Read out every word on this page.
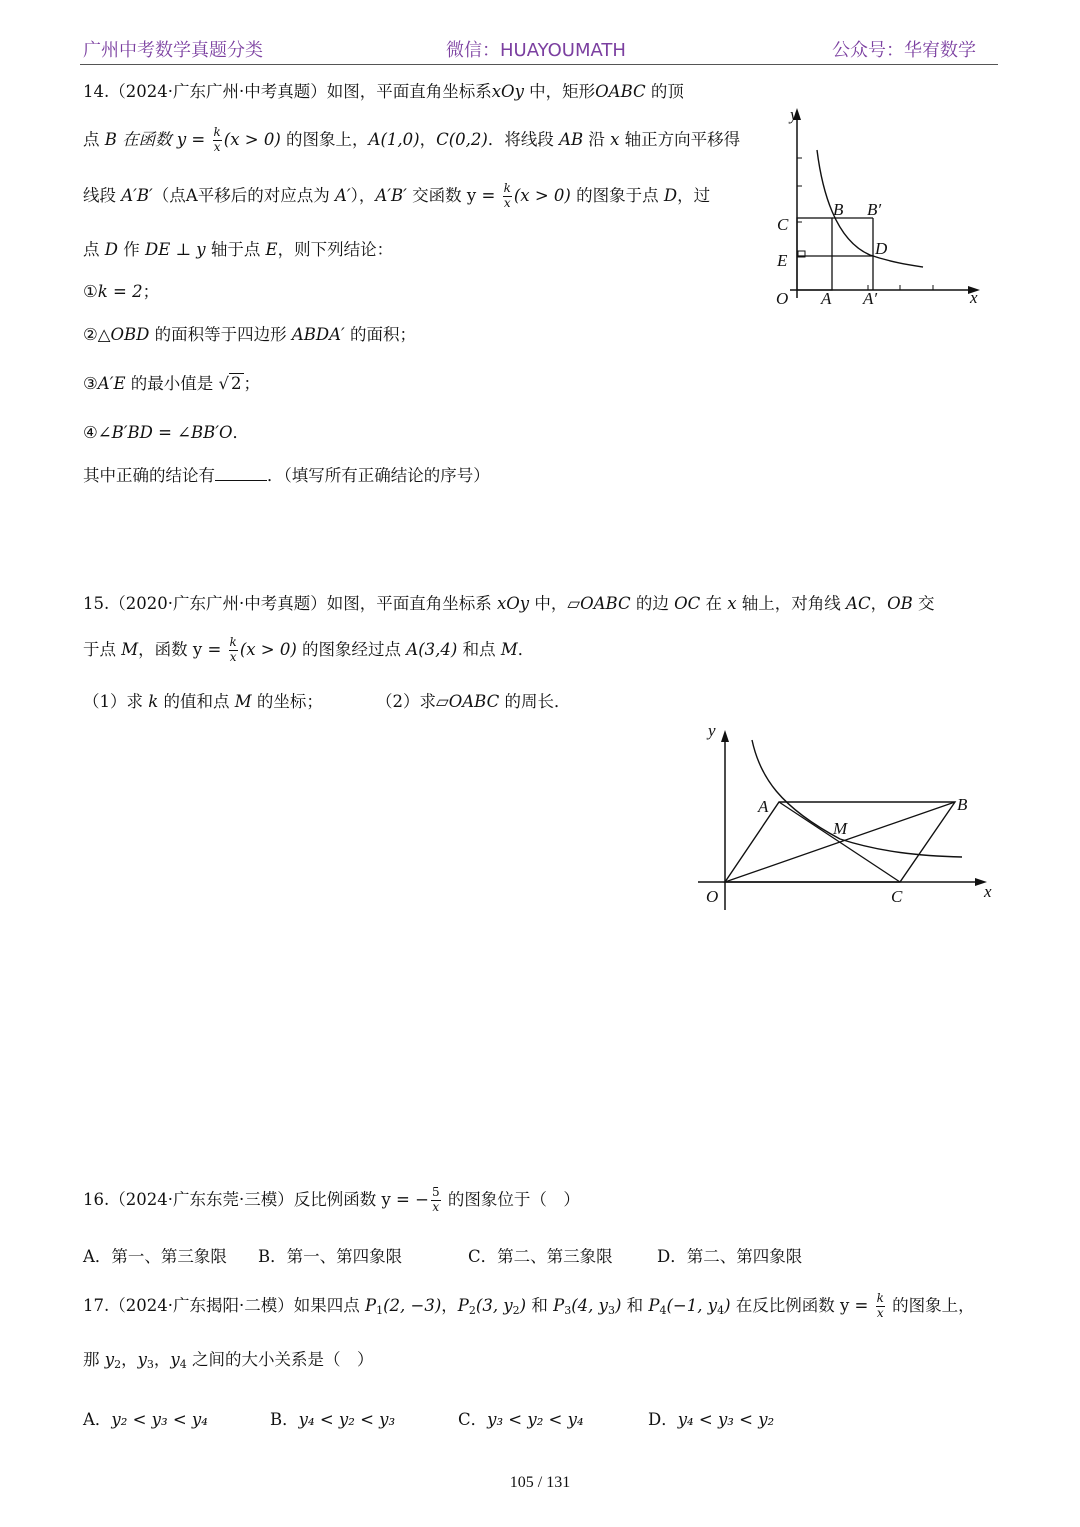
广州中考数学真题分类	微信：HUAYOUMATH	公众号：华宥数学
14.（2024·广东广州·中考真题）如图，平面直角坐标系xOy 中，矩形OABC 的顶
点 B 在函数 $y = \frac{k}{x} (x > 0)$ 的图象上，A(1,0)，C(0,2)．将线段 AB 沿 x 轴正方向平移得
线段 A′B′（点A平移后的对应点为 A′），A′B′ 交函数 $y = \frac{k}{x} (x > 0)$ 的图象于点 D，过
点 D 作 DE ⊥ y 轴于点 E，则下列结论：
①k = 2；
②△OBD 的面积等于四边形 ABDA′ 的面积；
③A′E 的最小值是 √ 2 ；
④∠B′BD = ∠BB′O．
其中正确的结论有	．（填写所有正确结论的序号）
y
x
O A A′
C
E
B B′
D
15.（2020·广东广州·中考真题）如图，平面直角坐标系 xOy 中，▱OABC 的边 OC 在 x 轴上，对角线 AC，OB 交
于点 M，函数 $y = \frac{k}{x} (x > 0)$ 的图象经过点 A(3,4) 和点 M．
（1）求 k 的值和点 M 的坐标；	（2）求▱OABC 的周长．
y
x
O
A	B
C
M
16.（2024·广东东莞·三模）反比例函数 y = − $\frac{5}{x}$ 的图象位于（　）
A．第一、第三象限 B．第一、第四象限	C．第二、第三象限	D．第二、第四象限
17.（2024·广东揭阳·二模）如果四点 $P_1(2$, −3)，$P_2(3$, $y_2$) 和 $P_3(4$, $y_3$) 和 $P_4(-1$, $y_4$) 在反比例函数 $y = \frac{k}{x}$ 的图象上，
那 $y_2$，$y_3$，$y_4$ 之间的大小关系是（　）
A．y₂ < y₃ < y₄	B．y₄ < y₂ < y₃	C．y₃ < y₂ < y₄	D．y₄ < y₃ < y₂
105 / 131
